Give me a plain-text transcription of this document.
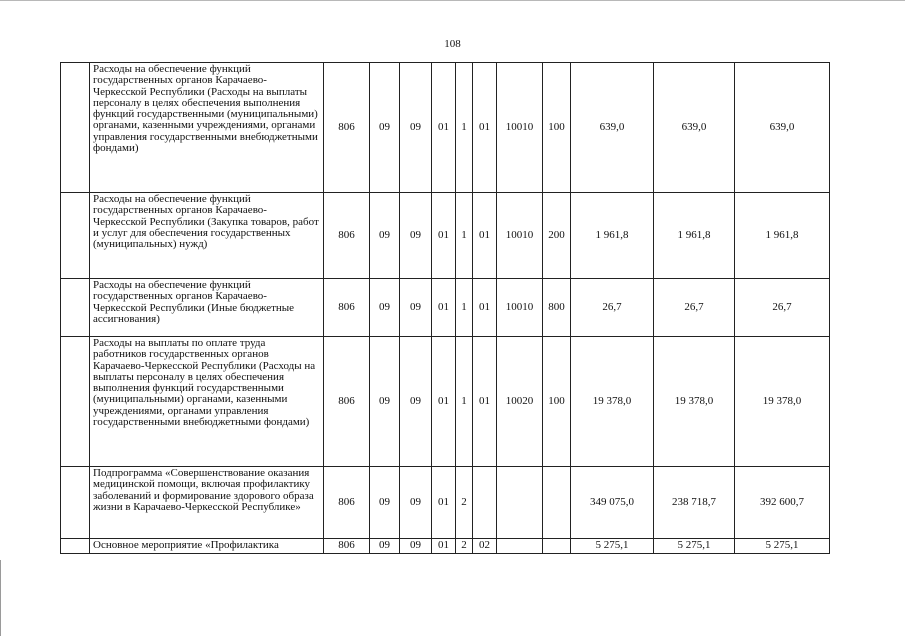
108
	Расходы на обеспечение функций государственных органов Карачаево-Черкесской Республики (Расходы на выплаты персоналу в целях обеспечения выполнения функций государственными (муниципальными) органами, казенными учреждениями, органами управления государственными внебюджетными фондами)	806	09	09	01	1	01	10010	100	639,0	639,0	639,0
	Расходы на обеспечение функций государственных органов Карачаево-Черкесской Республики (Закупка товаров, работ и услуг для обеспечения государственных (муниципальных) нужд)	806	09	09	01	1	01	10010	200	1 961,8	1 961,8	1 961,8
	Расходы на обеспечение функций государственных органов Карачаево-Черкесской Республики (Иные бюджетные ассигнования)	806	09	09	01	1	01	10010	800	26,7	26,7	26,7
	Расходы на выплаты по оплате труда работников государственных органов Карачаево-Черкесской Республики (Расходы на выплаты персоналу в целях обеспечения выполнения функций государственными (муниципальными) органами, казенными учреждениями, органами управления государственными внебюджетными фондами)	806	09	09	01	1	01	10020	100	19 378,0	19 378,0	19 378,0
	Подпрограмма «Совершенствование оказания медицинской помощи, включая профилактику заболеваний и формирование здорового образа жизни в Карачаево-Черкесской Республике»	806	09	09	01	2				349 075,0	238 718,7	392 600,7
	Основное мероприятие «Профилактика	806	09	09	01	2	02			5 275,1	5 275,1	5 275,1
